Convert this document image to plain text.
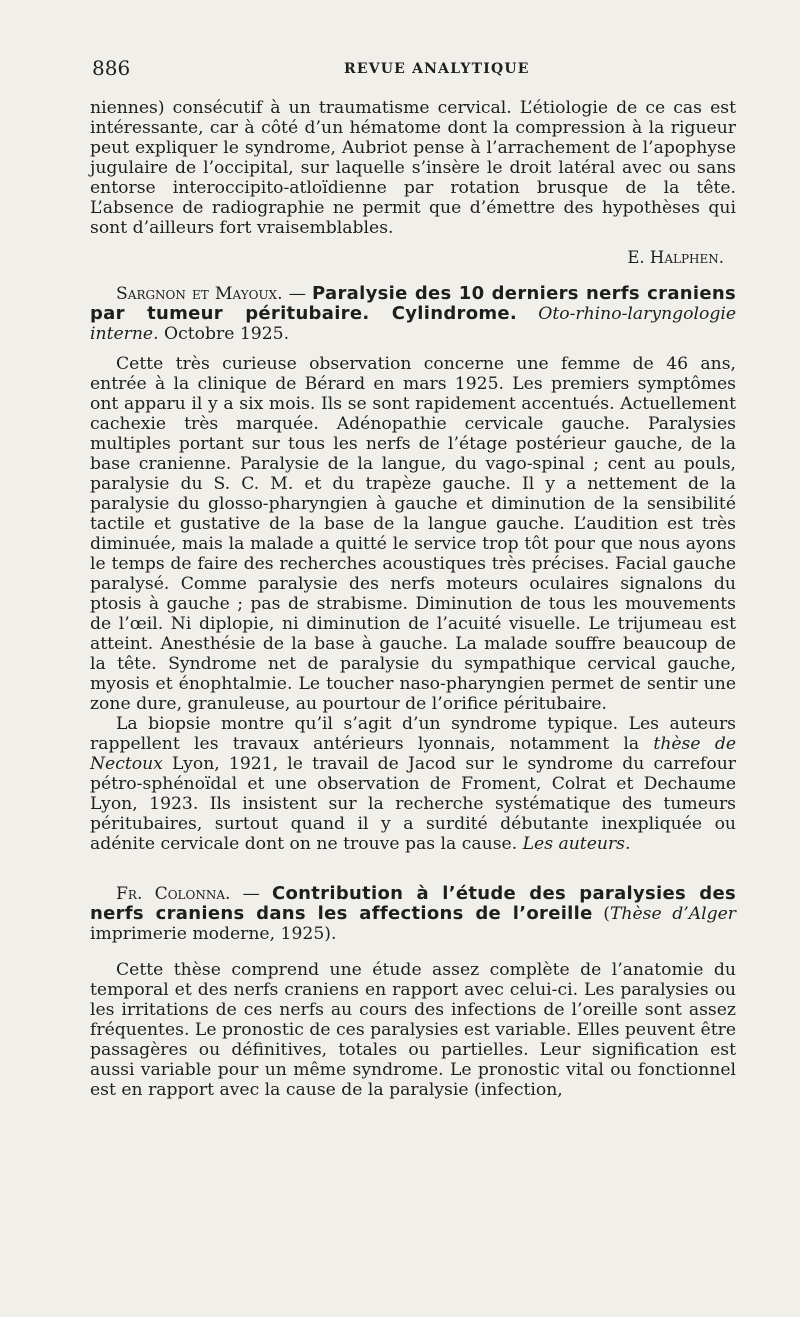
886	REVUE ANALYTIQUE

niennes) consécutif à un traumatisme cervical. L’étiologie de ce cas est intéressante, car à côté d’un hématome dont la compression à la rigueur peut expliquer le syndrome, Aubriot pense à l’arrachement de l’apophyse jugulaire de l’occipital, sur laquelle s’insère le droit latéral avec ou sans entorse interoccipito-atloïdienne par rotation brusque de la tête. L’absence de radiographie ne permit que d’émettre des hypothèses qui sont d’ailleurs fort vraisemblables.

E. Halphen.

Sargnon et Mayoux. — Paralysie des 10 derniers nerfs craniens par tumeur péritubaire. Cylindrome. Oto-rhino-laryngologie interne. Octobre 1925.

Cette très curieuse observation concerne une femme de 46 ans, entrée à la clinique de Bérard en mars 1925. Les premiers symptômes ont apparu il y a six mois. Ils se sont rapidement accentués. Actuellement cachexie très marquée. Adénopathie cervicale gauche. Paralysies multiples portant sur tous les nerfs de l’étage postérieur gauche, de la base cranienne. Paralysie de la langue, du vago-spinal ; cent au pouls, paralysie du S. C. M. et du trapèze gauche. Il y a nettement de la paralysie du glosso-pharyngien à gauche et diminution de la sensibilité tactile et gustative de la base de la langue gauche. L’audition est très diminuée, mais la malade a quitté le service trop tôt pour que nous ayons le temps de faire des recherches acoustiques très précises. Facial gauche paralysé. Comme paralysie des nerfs moteurs oculaires signalons du ptosis à gauche ; pas de strabisme. Diminution de tous les mouvements de l’œil. Ni diplopie, ni diminution de l’acuité visuelle. Le trijumeau est atteint. Anesthésie de la base à gauche. La malade souffre beaucoup de la tête. Syndrome net de paralysie du sympathique cervical gauche, myosis et énophtalmie. Le toucher naso-pharyngien permet de sentir une zone dure, granuleuse, au pourtour de l’orifice péritubaire.

La biopsie montre qu’il s’agit d’un syndrome typique. Les auteurs rappellent les travaux antérieurs lyonnais, notamment la thèse de Nectoux Lyon, 1921, le travail de Jacod sur le syndrome du carrefour pétro-sphénoïdal et une observation de Froment, Colrat et Dechaume Lyon, 1923. Ils insistent sur la recherche systématique des tumeurs péritubaires, surtout quand il y a surdité débutante inexpliquée ou adénite cervicale dont on ne trouve pas la cause. Les auteurs.

Fr. Colonna. — Contribution à l’étude des paralysies des nerfs craniens dans les affections de l’oreille (Thèse d’Alger imprimerie moderne, 1925).

Cette thèse comprend une étude assez complète de l’anatomie du temporal et des nerfs craniens en rapport avec celui-ci. Les paralysies ou les irritations de ces nerfs au cours des infections de l’oreille sont assez fréquentes. Le pronostic de ces paralysies est variable. Elles peuvent être passagères ou définitives, totales ou partielles. Leur signification est aussi variable pour un même syndrome. Le pronostic vital ou fonctionnel est en rapport avec la cause de la paralysie (infection,
